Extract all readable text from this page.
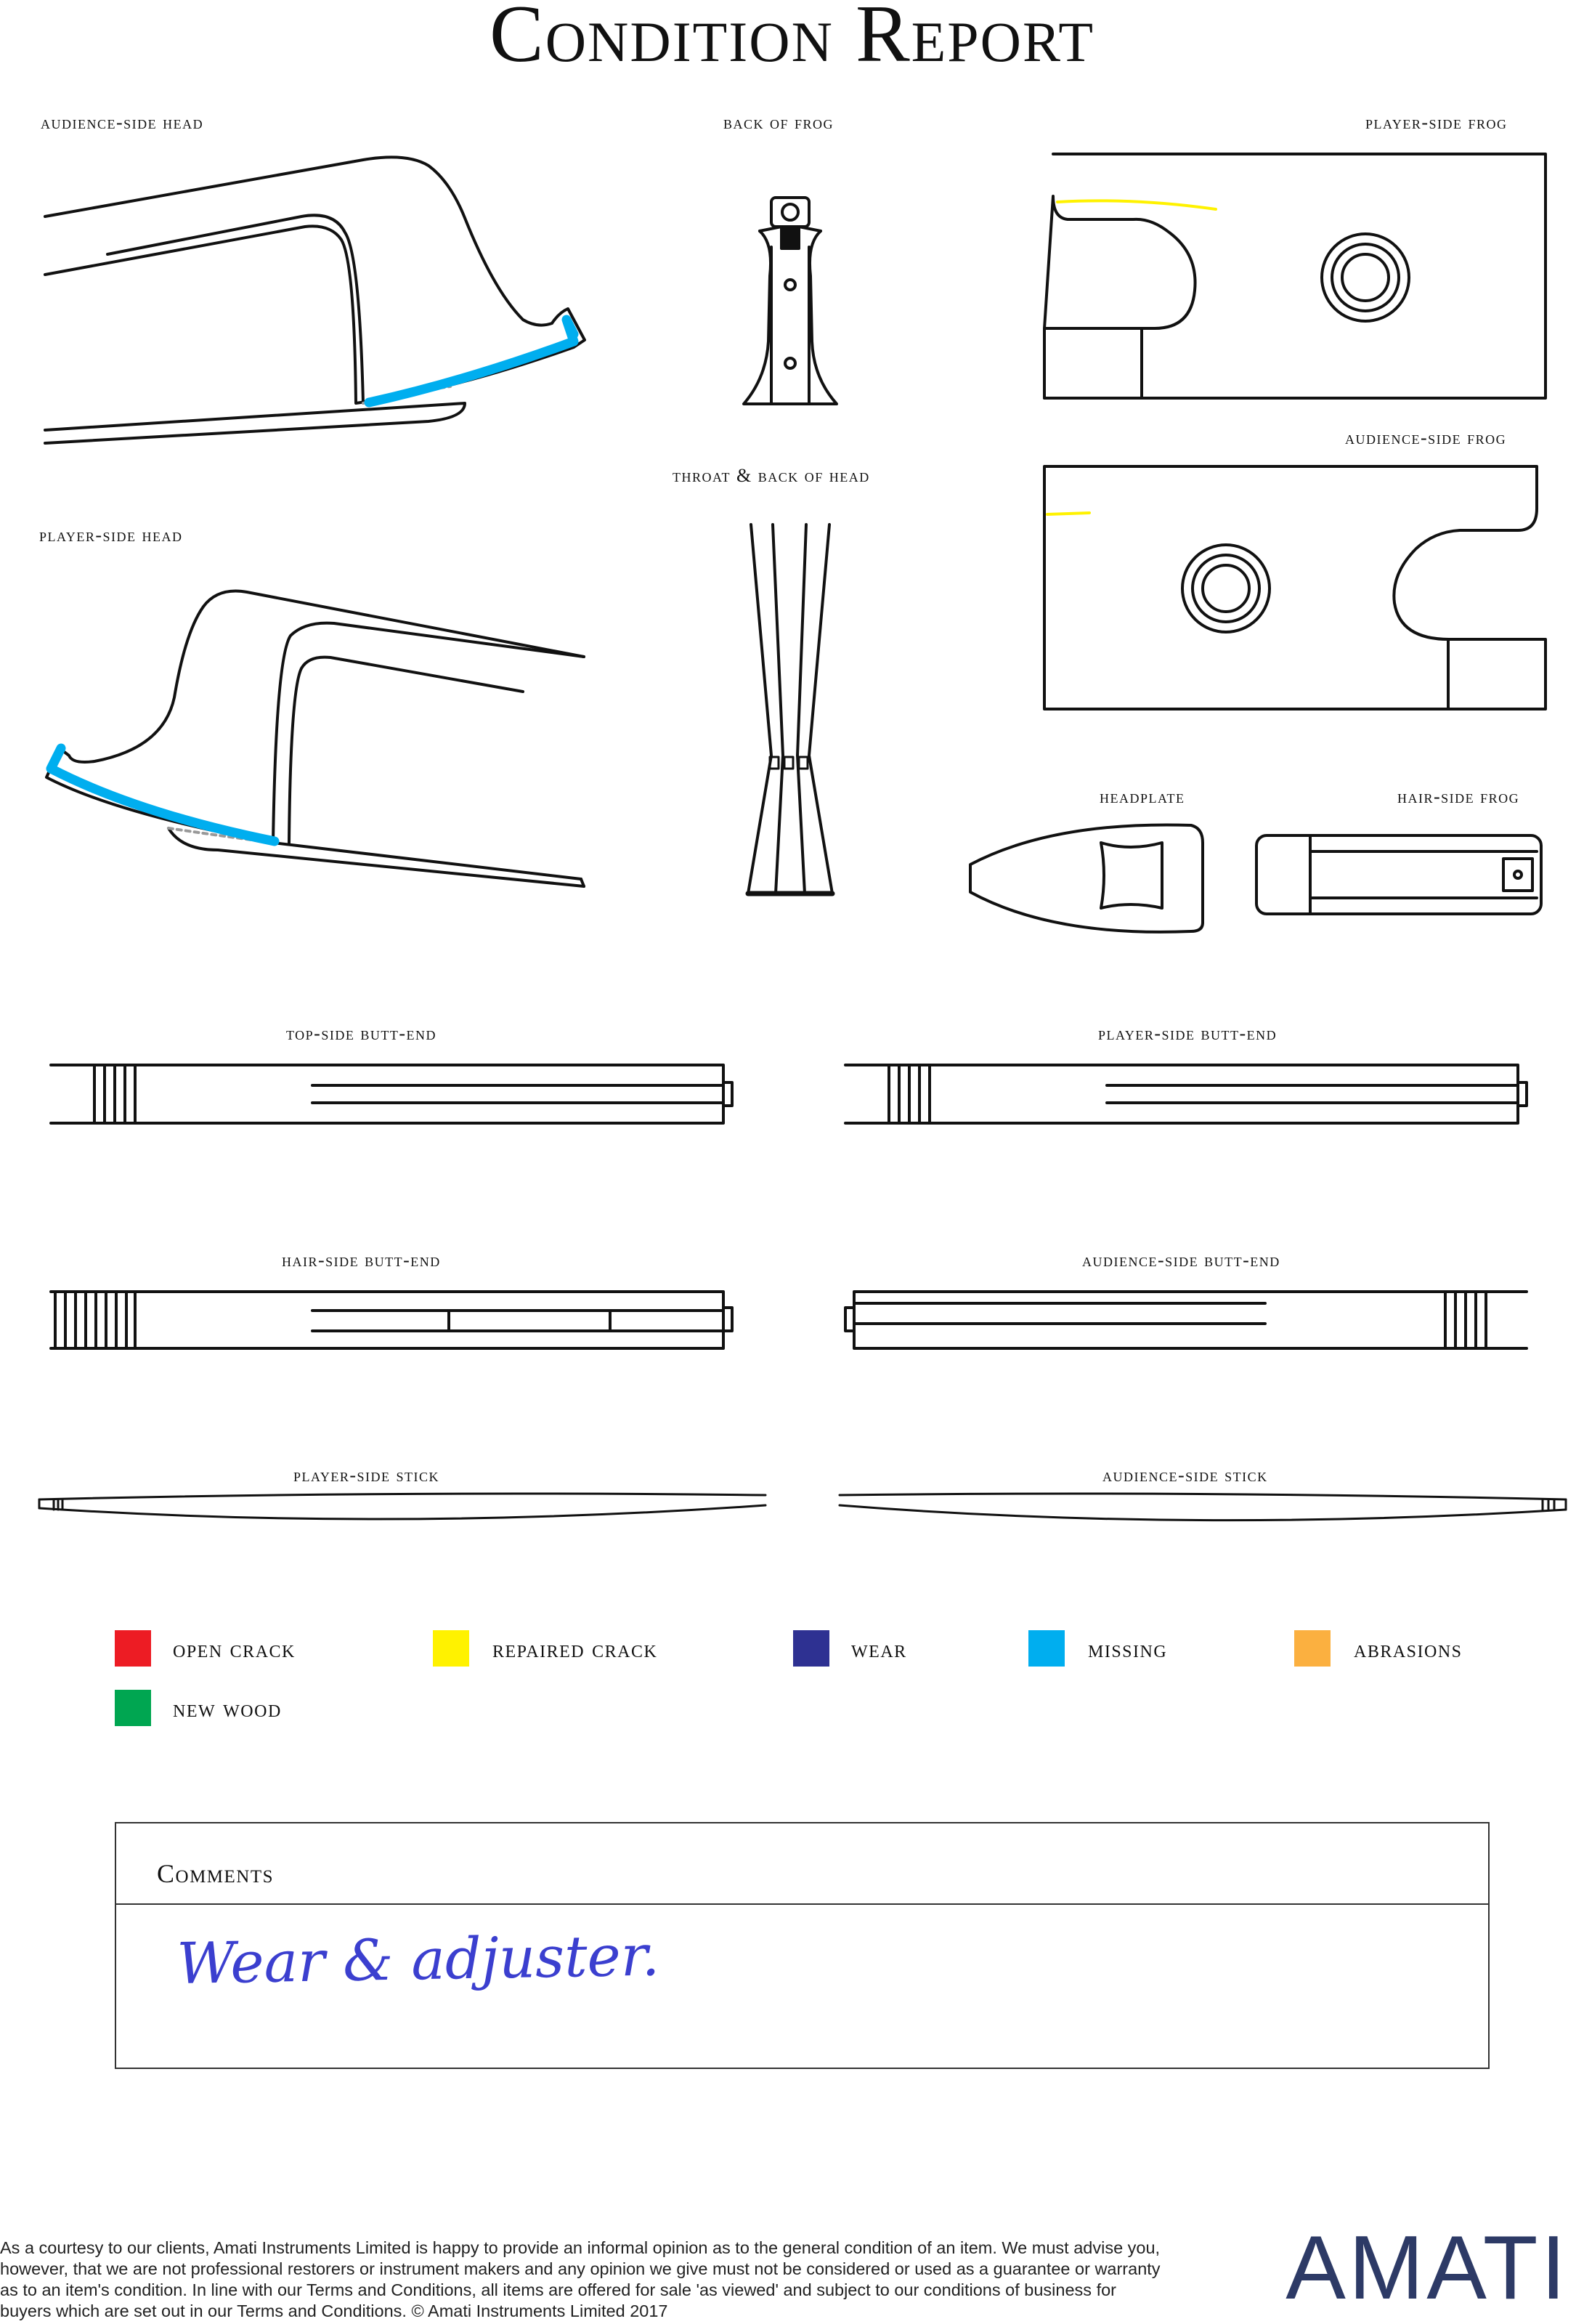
Condition Report
audience-side head	back of frog	player-side frog
audience-side frog
throat & back of head
player-side head
headplate	hair-side frog
top-side butt-end	player-side butt-end
hair-side butt-end	audience-side butt-end
player-side stick	audience-side stick
open crack	repaired crack	wear	missing	abrasions
new wood
Comments
Wear & adjuster.
As a courtesy to our clients, Amati Instruments Limited is happy to provide an informal opinion as to the general condition of an item. We must advise you, however, that we are not professional restorers or instrument makers and any opinion we give must not be considered or used as a guarantee or warranty as to an item's condition. In line with our Terms and Conditions, all items are offered for sale 'as viewed' and subject to our conditions of business for buyers which are set out in our Terms and Conditions. © Amati Instruments Limited 2017	AMATI
